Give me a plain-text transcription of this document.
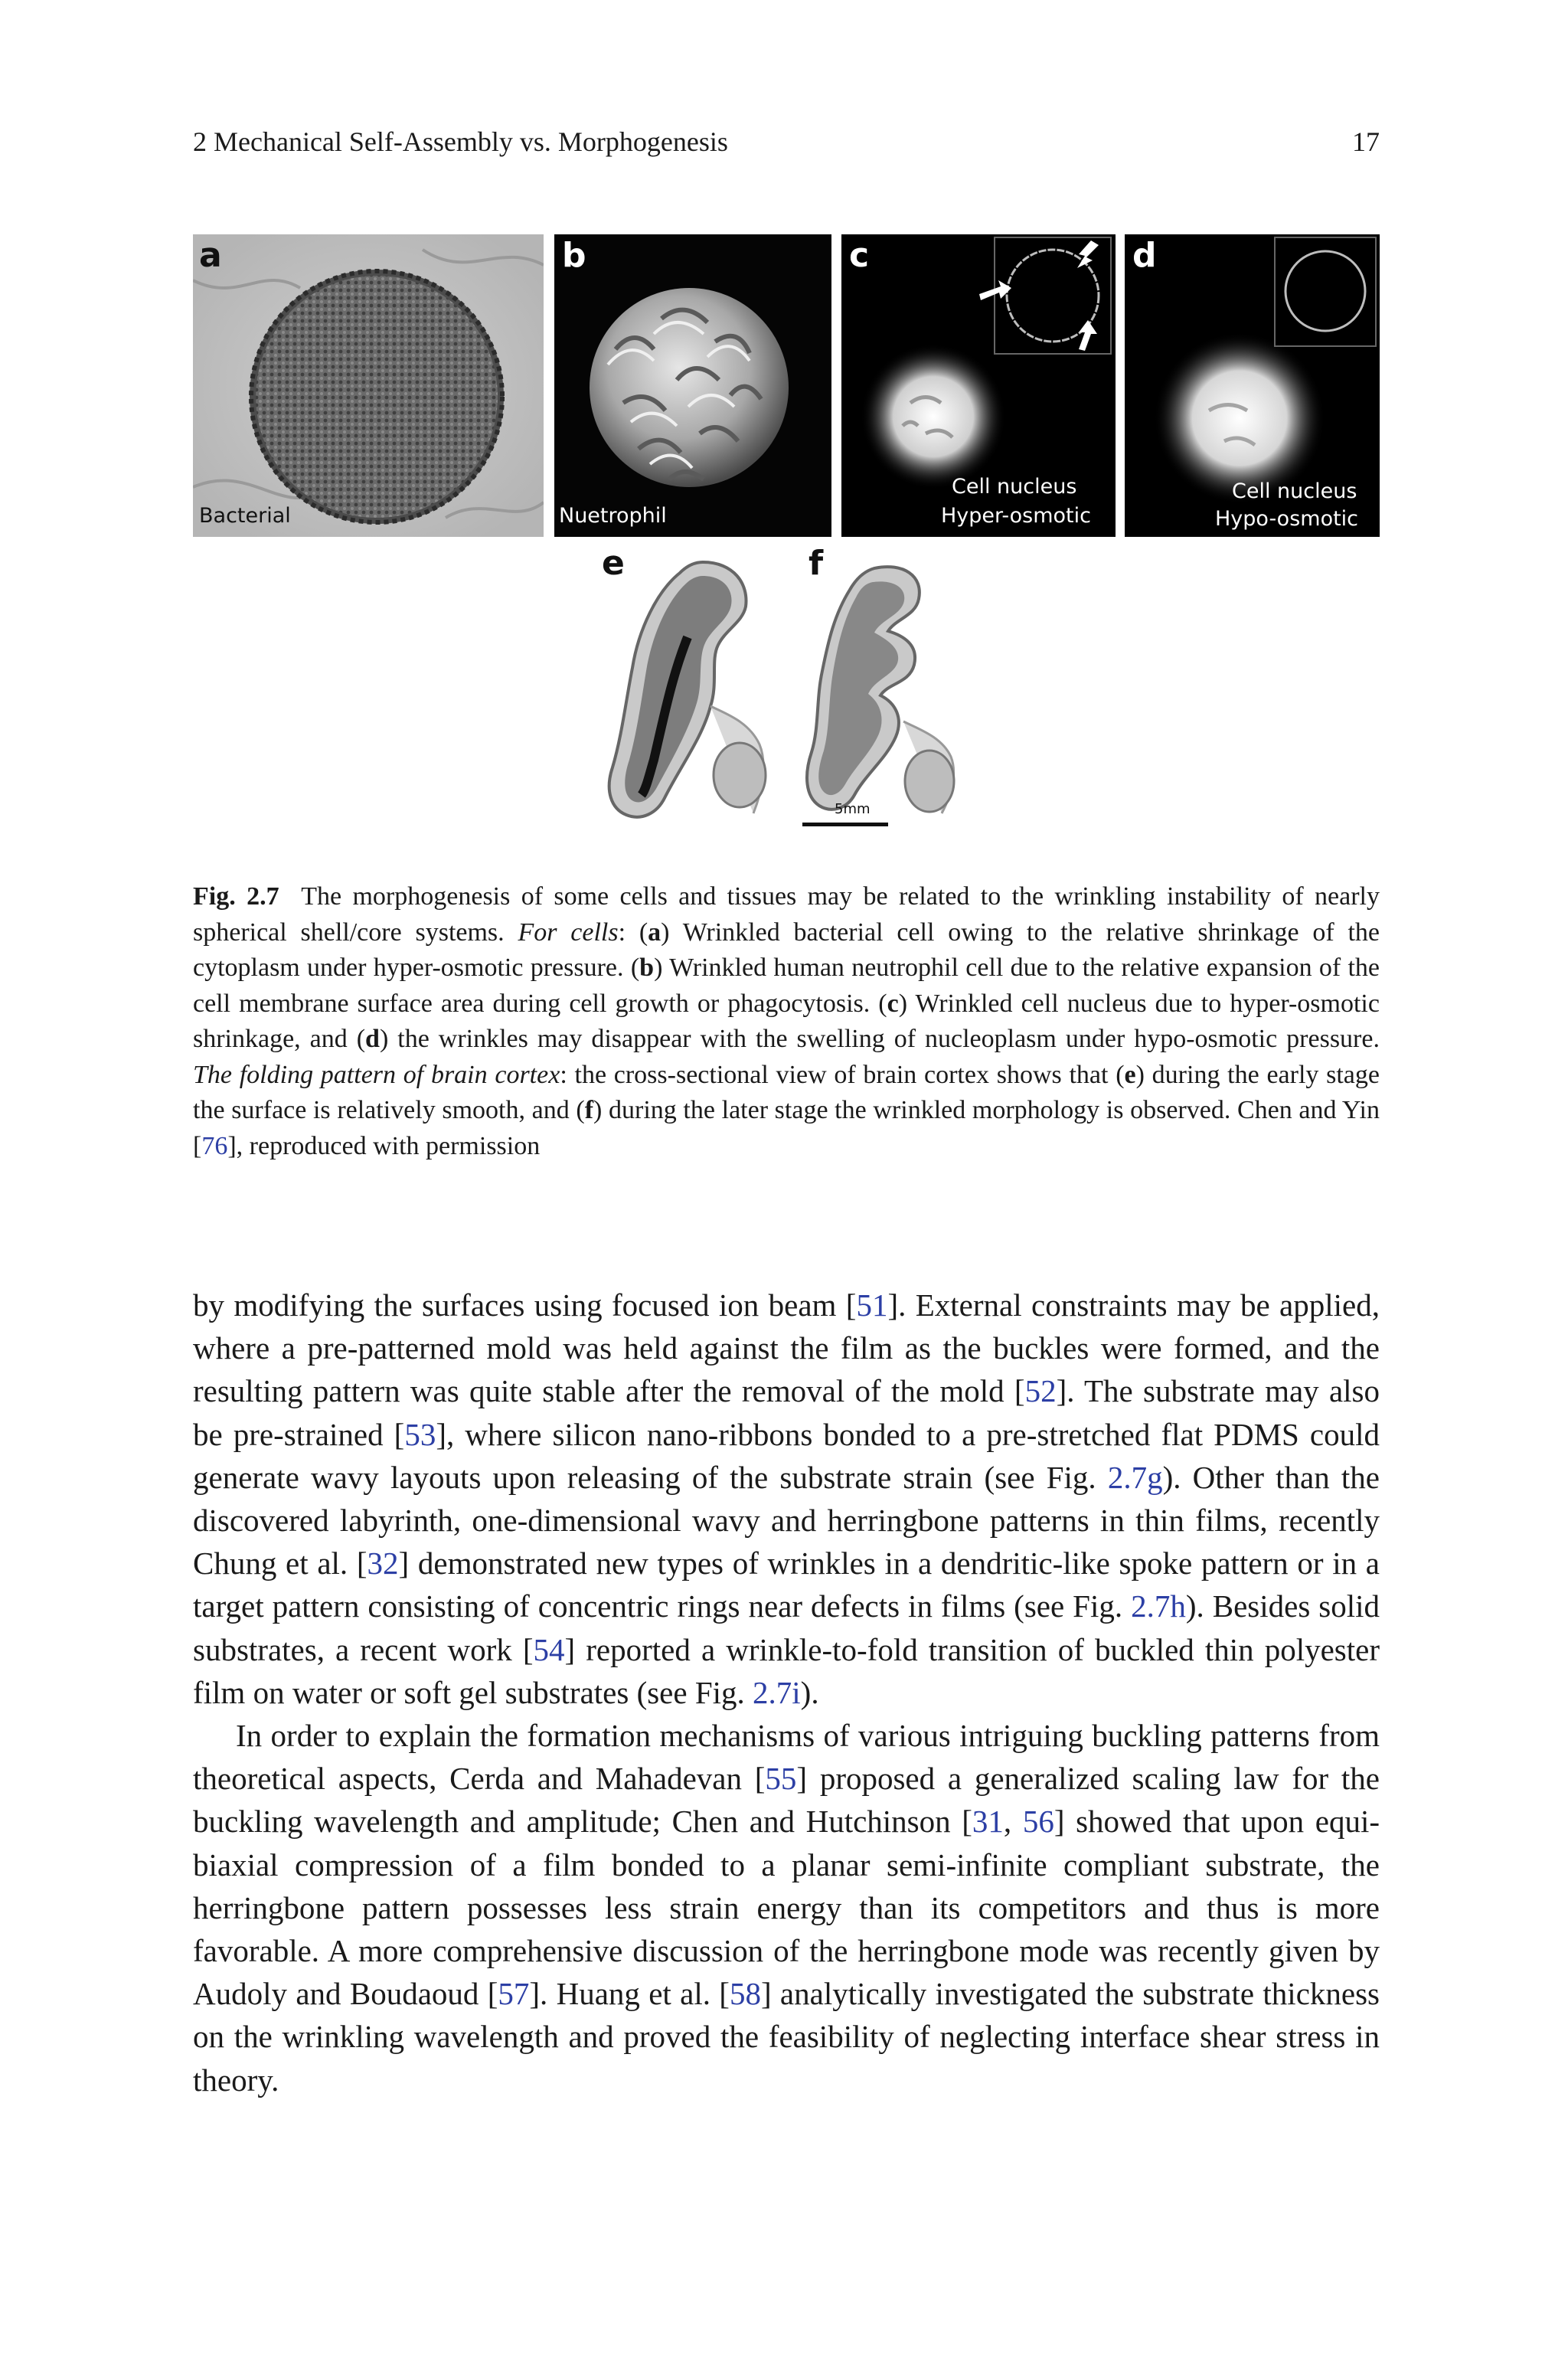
2 Mechanical Self-Assembly vs. Morphogenesis	17
a
Bacterial
b
Nuetrophil
c
Cell nucleus
Hyper-osmotic
d
Cell nucleus
Hypo-osmotic
e	f
5mm
Fig. 2.7 The morphogenesis of some cells and tissues may be related to the wrinkling instability of nearly spherical shell/core systems. For cells: (a) Wrinkled bacterial cell owing to the relative shrinkage of the cytoplasm under hyper-osmotic pressure. (b) Wrinkled human neutrophil cell due to the relative expansion of the cell membrane surface area during cell growth or phagocytosis. (c) Wrinkled cell nucleus due to hyper-osmotic shrinkage, and (d) the wrinkles may disappear with the swelling of nucleoplasm under hypo-osmotic pressure. The folding pattern of brain cortex: the cross-sectional view of brain cortex shows that (e) during the early stage the surface is relatively smooth, and (f) during the later stage the wrinkled morphology is observed. Chen and Yin [76], reproduced with permission

by modifying the surfaces using focused ion beam [51]. External constraints may be applied, where a pre-patterned mold was held against the film as the buckles were formed, and the resulting pattern was quite stable after the removal of the mold [52]. The substrate may also be pre-strained [53], where silicon nano-ribbons bonded to a pre-stretched flat PDMS could generate wavy layouts upon releasing of the substrate strain (see Fig. 2.7g). Other than the discovered labyrinth, one-dimensional wavy and herringbone patterns in thin films, recently Chung et al. [32] demonstrated new types of wrinkles in a dendritic-like spoke pattern or in a target pattern consisting of concentric rings near defects in films (see Fig. 2.7h). Besides solid substrates, a recent work [54] reported a wrinkle-to-fold transition of buckled thin polyester film on water or soft gel substrates (see Fig. 2.7i).

In order to explain the formation mechanisms of various intriguing buckling patterns from theoretical aspects, Cerda and Mahadevan [55] proposed a generalized scaling law for the buckling wavelength and amplitude; Chen and Hutchinson [31, 56] showed that upon equi-biaxial compression of a film bonded to a planar semi-infinite compliant substrate, the herringbone pattern possesses less strain energy than its competitors and thus is more favorable. A more comprehensive discussion of the herringbone mode was recently given by Audoly and Boudaoud [57]. Huang et al. [58] analytically investigated the substrate thickness on the wrinkling wavelength and proved the feasibility of neglecting interface shear stress in theory.
